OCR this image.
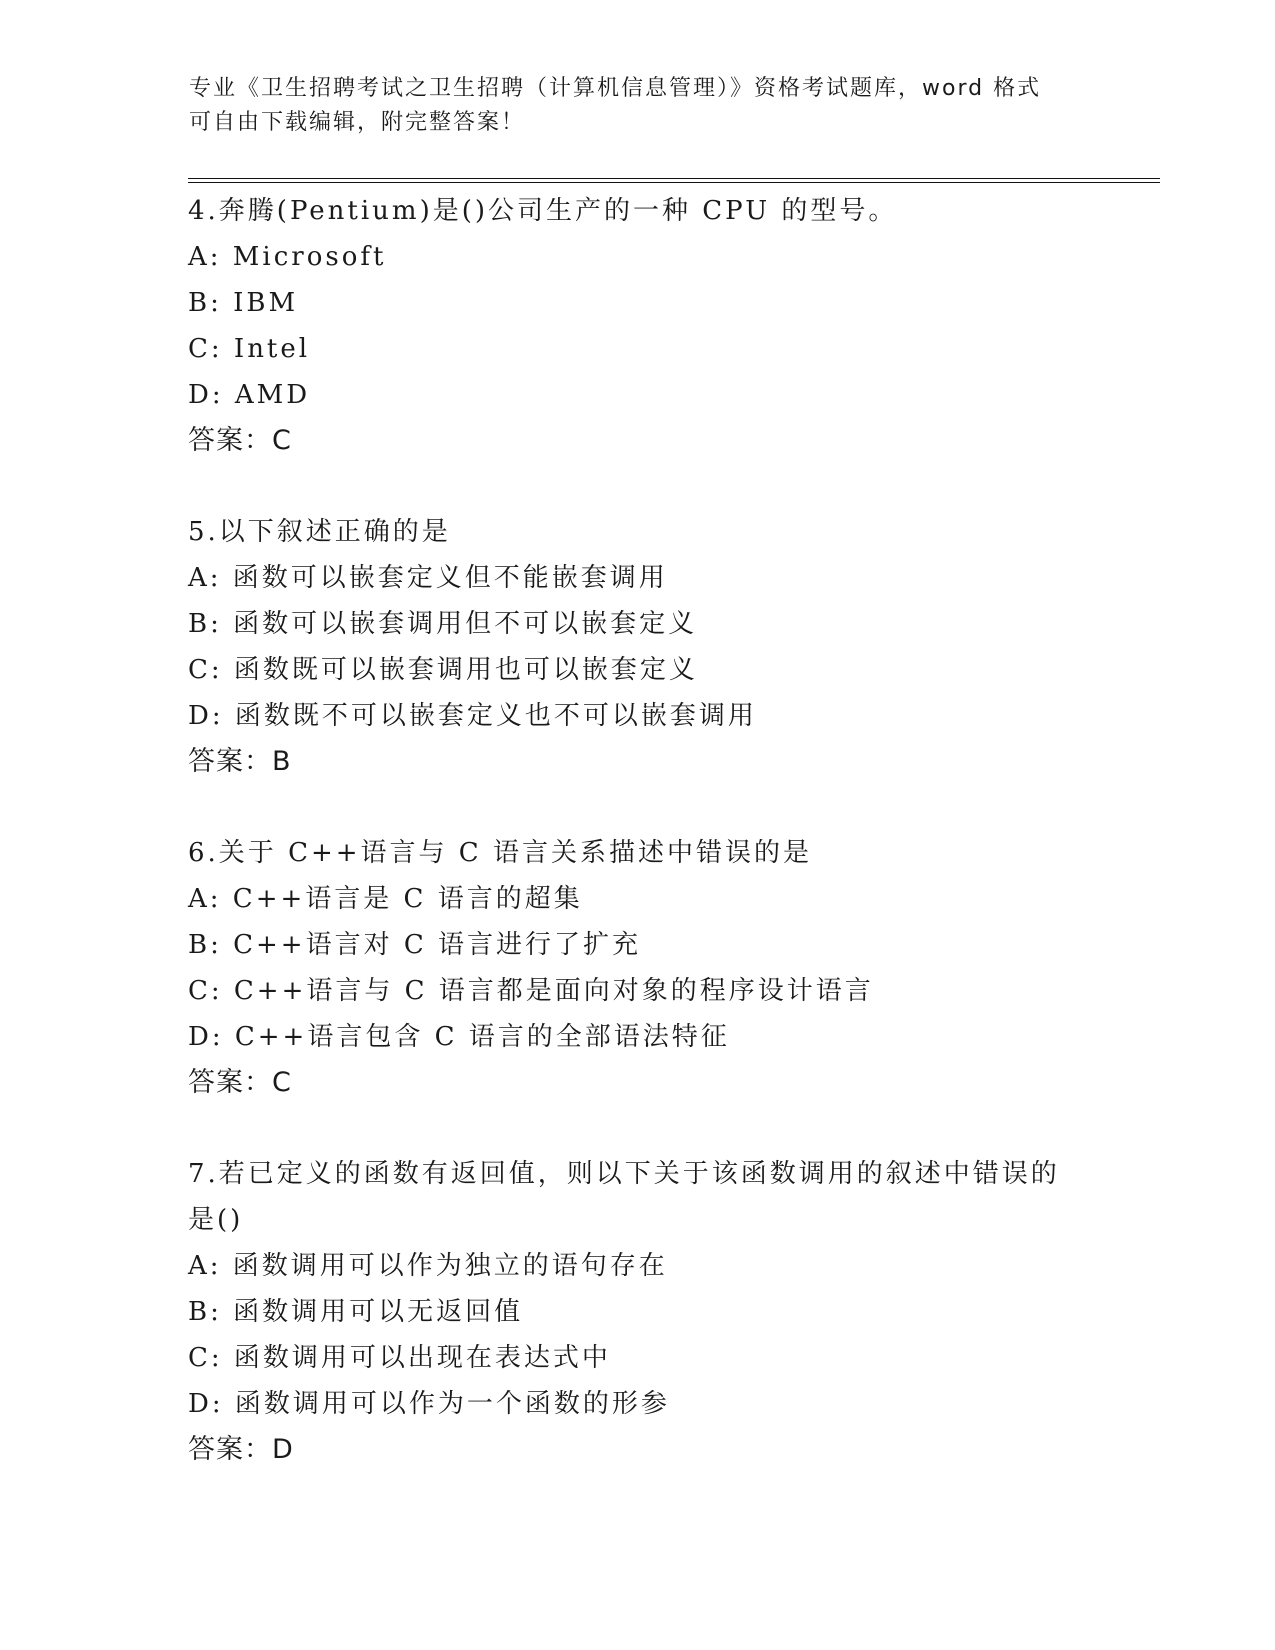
专业《卫生招聘考试之卫生招聘（计算机信息管理）》资格考试题库，word 格式
可自由下载编辑，附完整答案！
4.奔腾(Pentium)是()公司生产的一种 CPU 的型号。
A: Microsoft
B: IBM
C: Intel
D: AMD
答案：C
5.以下叙述正确的是
A: 函数可以嵌套定义但不能嵌套调用
B: 函数可以嵌套调用但不可以嵌套定义
C: 函数既可以嵌套调用也可以嵌套定义
D: 函数既不可以嵌套定义也不可以嵌套调用
答案：B
6.关于 C++语言与 C 语言关系描述中错误的是
A: C++语言是 C 语言的超集
B: C++语言对 C 语言进行了扩充
C: C++语言与 C 语言都是面向对象的程序设计语言
D: C++语言包含 C 语言的全部语法特征
答案：C
7.若已定义的函数有返回值，则以下关于该函数调用的叙述中错误的
是()
A: 函数调用可以作为独立的语句存在
B: 函数调用可以无返回值
C: 函数调用可以出现在表达式中
D: 函数调用可以作为一个函数的形参
答案：D
